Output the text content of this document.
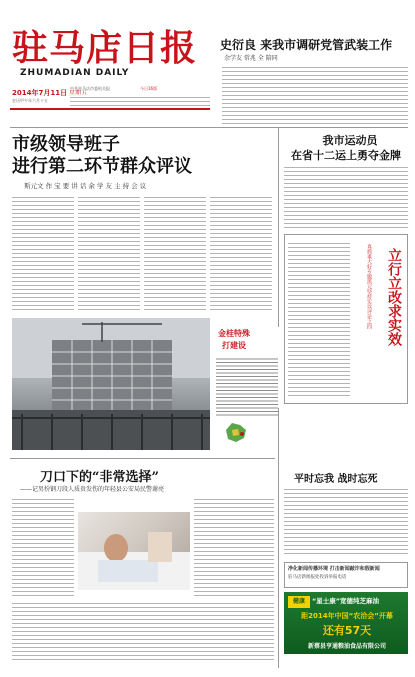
驻马店日报
ZHUMADIAN DAILY
2014年7月11日
农历甲午年六月十五
中共驻马店市委机关报	今日16版
史衍良 来我市调研党管武装工作
余学友 常兆 全 陪同
市级领导班子
进行第二环节群众评议
斯元文 作 宝 要 讲 话 余 学 友 主 持 会 议
我市运动员
在省十二运上勇夺金牌
真抓重大好专题凯元坚持实以评论之四	立行立改求实效
金桂特殊
打建设
刀口下的“非常选择”
——记男扮钢刀段人质贵发伤的年轻县公安局民警谢亮
平时忘我 战时忘死
净化新闻传播环境 打击新闻敲诈和假新闻
驻马店新闻报处投诉举报电话
健康	“星士康”宽德纯芝麻油
距2014年中国“农洽会”开幕
还有57天
新蔡县亨通粮油食品有限公司
